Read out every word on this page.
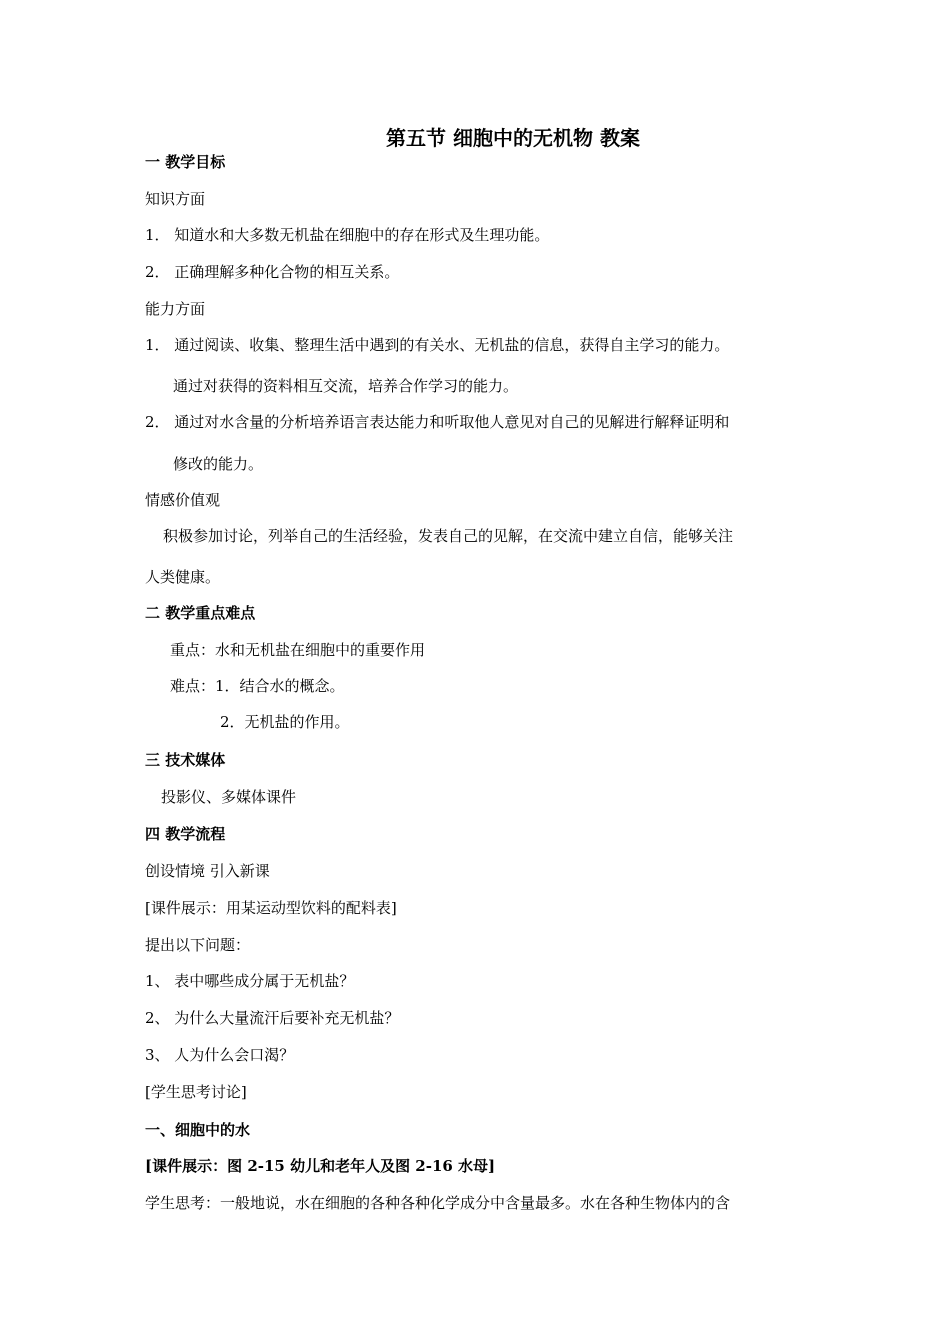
第五节 细胞中的无机物 教案
一 教学目标
知识方面
1． 知道水和大多数无机盐在细胞中的存在形式及生理功能。
2． 正确理解多种化合物的相互关系。
能力方面
1． 通过阅读、收集、整理生活中遇到的有关水、无机盐的信息，获得自主学习的能力。
通过对获得的资料相互交流，培养合作学习的能力。
2． 通过对水含量的分析培养语言表达能力和听取他人意见对自己的见解进行解释证明和
修改的能力。
情感价值观
积极参加讨论，列举自己的生活经验，发表自己的见解，在交流中建立自信，能够关注
人类健康。
二 教学重点难点
重点：水和无机盐在细胞中的重要作用
难点：1．结合水的概念。
2．无机盐的作用。
三 技术媒体
投影仪、多媒体课件
四 教学流程
创设情境 引入新课
[课件展示：用某运动型饮料的配料表]
提出以下问题：
1、 表中哪些成分属于无机盐？
2、 为什么大量流汗后要补充无机盐？
3、 人为什么会口渴？
[学生思考讨论]
一、细胞中的水
[课件展示：图 2-15 幼儿和老年人及图 2-16 水母]
学生思考：一般地说，水在细胞的各种各种化学成分中含量最多。水在各种生物体内的含
